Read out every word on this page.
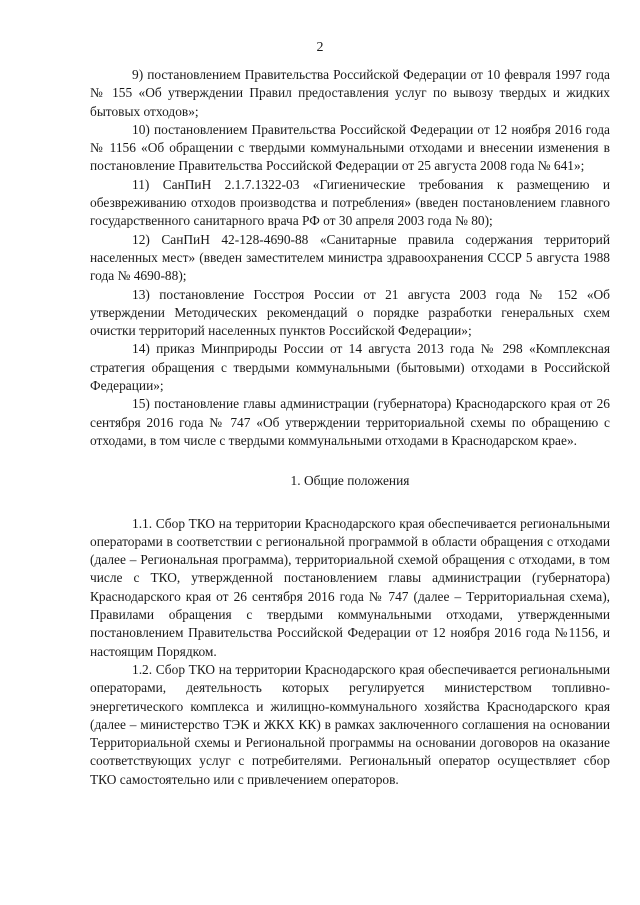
2

9) постановлением Правительства Российской Федерации от 10 февраля 1997 года № 155 «Об утверждении Правил предоставления услуг по вывозу твердых и жидких бытовых отходов»;

10) постановлением Правительства Российской Федерации от 12 ноября 2016 года № 1156 «Об обращении с твердыми коммунальными отходами и внесении изменения в постановление Правительства Российской Федерации от 25 августа 2008 года № 641»;

11) СанПиН 2.1.7.1322-03 «Гигиенические требования к размещению и обезвреживанию отходов производства и потребления» (введен постановлением главного государственного санитарного врача РФ от 30 апреля 2003 года № 80);

12) СанПиН 42-128-4690-88 «Санитарные правила содержания территорий населенных мест» (введен заместителем министра здравоохранения СССР 5 августа 1988 года № 4690-88);

13) постановление Госстроя России от 21 августа 2003 года № 152 «Об утверждении Методических рекомендаций о порядке разработки генеральных схем очистки территорий населенных пунктов Российской Федерации»;

14) приказ Минприроды России от 14 августа 2013 года № 298 «Комплексная стратегия обращения с твердыми коммунальными (бытовыми) отходами в Российской Федерации»;

15) постановление главы администрации (губернатора) Краснодарского края от 26 сентября 2016 года № 747 «Об утверждении территориальной схемы по обращению с отходами, в том числе с твердыми коммунальными отходами в Краснодарском крае».

1. Общие положения

1.1. Сбор ТКО на территории Краснодарского края обеспечивается региональными операторами в соответствии с региональной программой в области обращения с отходами (далее – Региональная программа), территориальной схемой обращения с отходами, в том числе с ТКО, утвержденной постановлением главы администрации (губернатора) Краснодарского края от 26 сентября 2016 года № 747 (далее – Территориальная схема), Правилами обращения с твердыми коммунальными отходами, утвержденными постановлением Правительства Российской Федерации от 12 ноября 2016 года №1156, и настоящим Порядком.

1.2. Сбор ТКО на территории Краснодарского края обеспечивается региональными операторами, деятельность которых регулируется министерством топливно-энергетического комплекса и жилищно-коммунального хозяйства Краснодарского края (далее – министерство ТЭК и ЖКХ КК) в рамках заключенного соглашения на основании Территориальной схемы и Региональной программы на основании договоров на оказание соответствующих услуг с потребителями. Региональный оператор осуществляет сбор ТКО самостоятельно или с привлечением операторов.
